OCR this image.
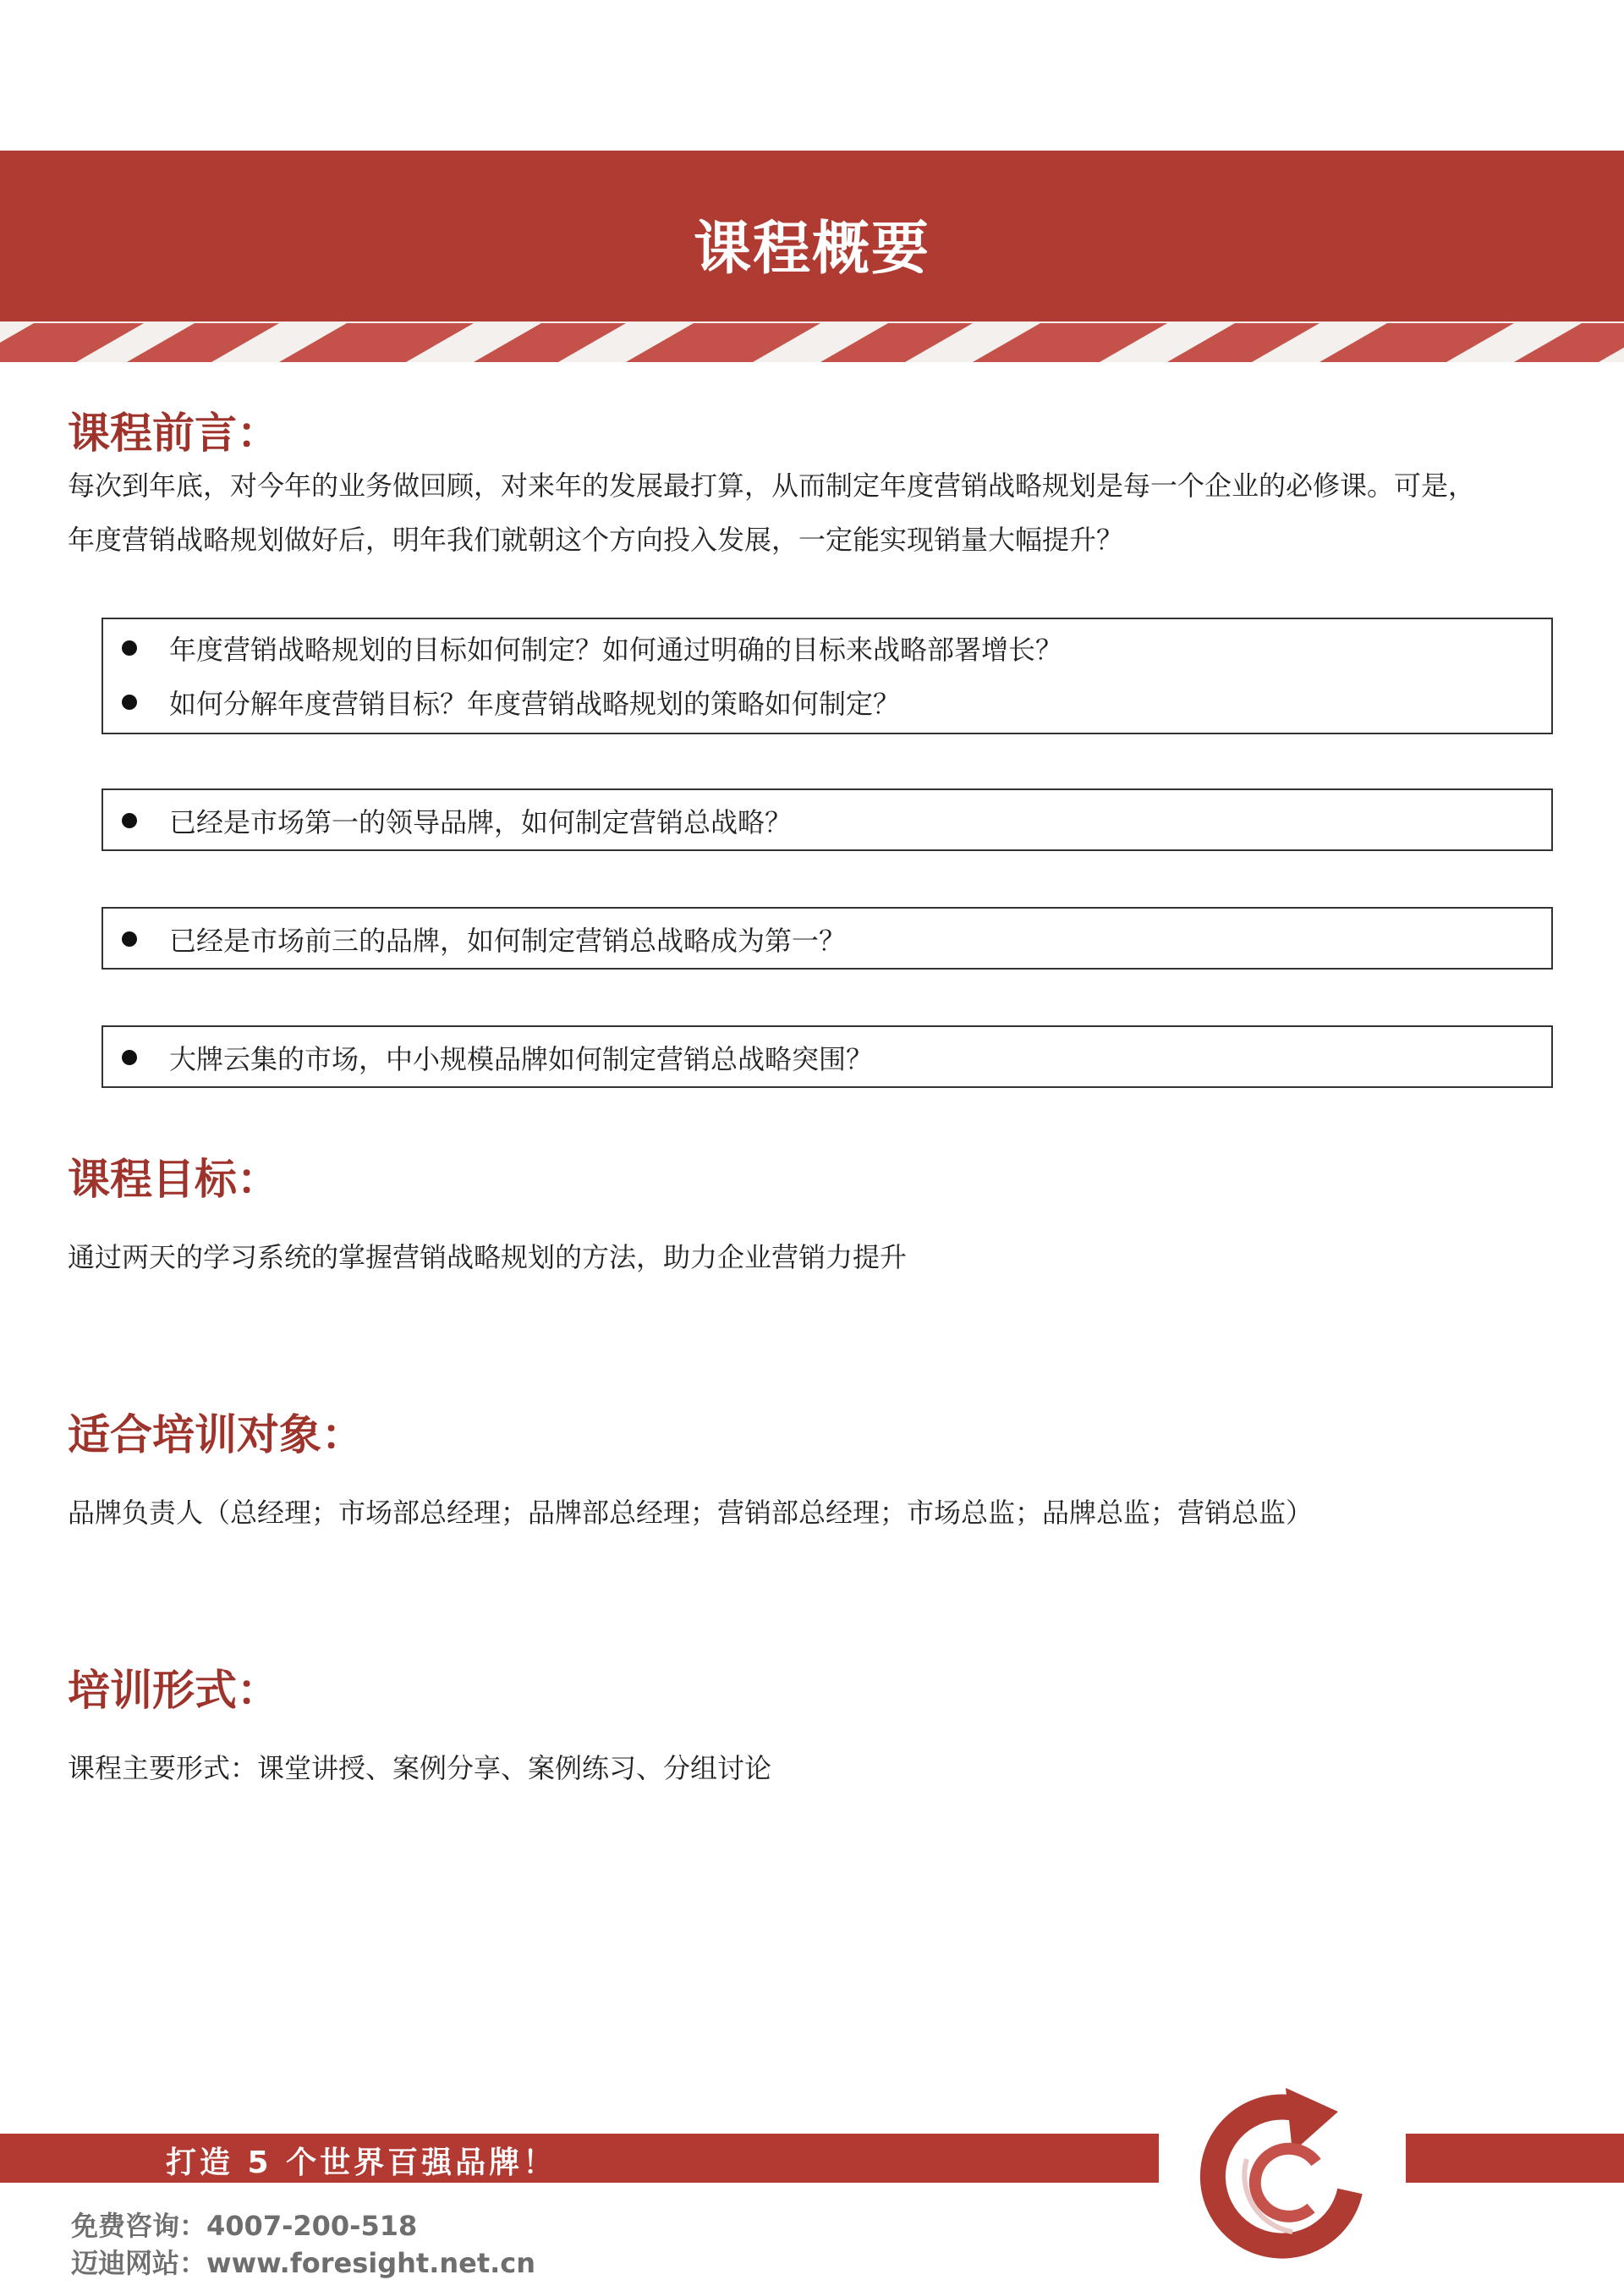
课程概要
课程前言：
每次到年底，对今年的业务做回顾，对来年的发展最打算，从而制定年度营销战略规划是每一个企业的必修课。可是，
年度营销战略规划做好后，明年我们就朝这个方向投入发展，一定能实现销量大幅提升？
年度营销战略规划的目标如何制定？如何通过明确的目标来战略部署增长？
如何分解年度营销目标？年度营销战略规划的策略如何制定？
已经是市场第一的领导品牌，如何制定营销总战略？
已经是市场前三的品牌，如何制定营销总战略成为第一？
大牌云集的市场，中小规模品牌如何制定营销总战略突围？
课程目标：
通过两天的学习系统的掌握营销战略规划的方法，助力企业营销力提升
适合培训对象：
品牌负责人（总经理；市场部总经理；品牌部总经理；营销部总经理；市场总监；品牌总监；营销总监）
培训形式：
课程主要形式：课堂讲授、案例分享、案例练习、分组讨论
打造 5 个世界百强品牌！
免费咨询：4007-200-518
迈迪网站：www.foresight.net.cn
